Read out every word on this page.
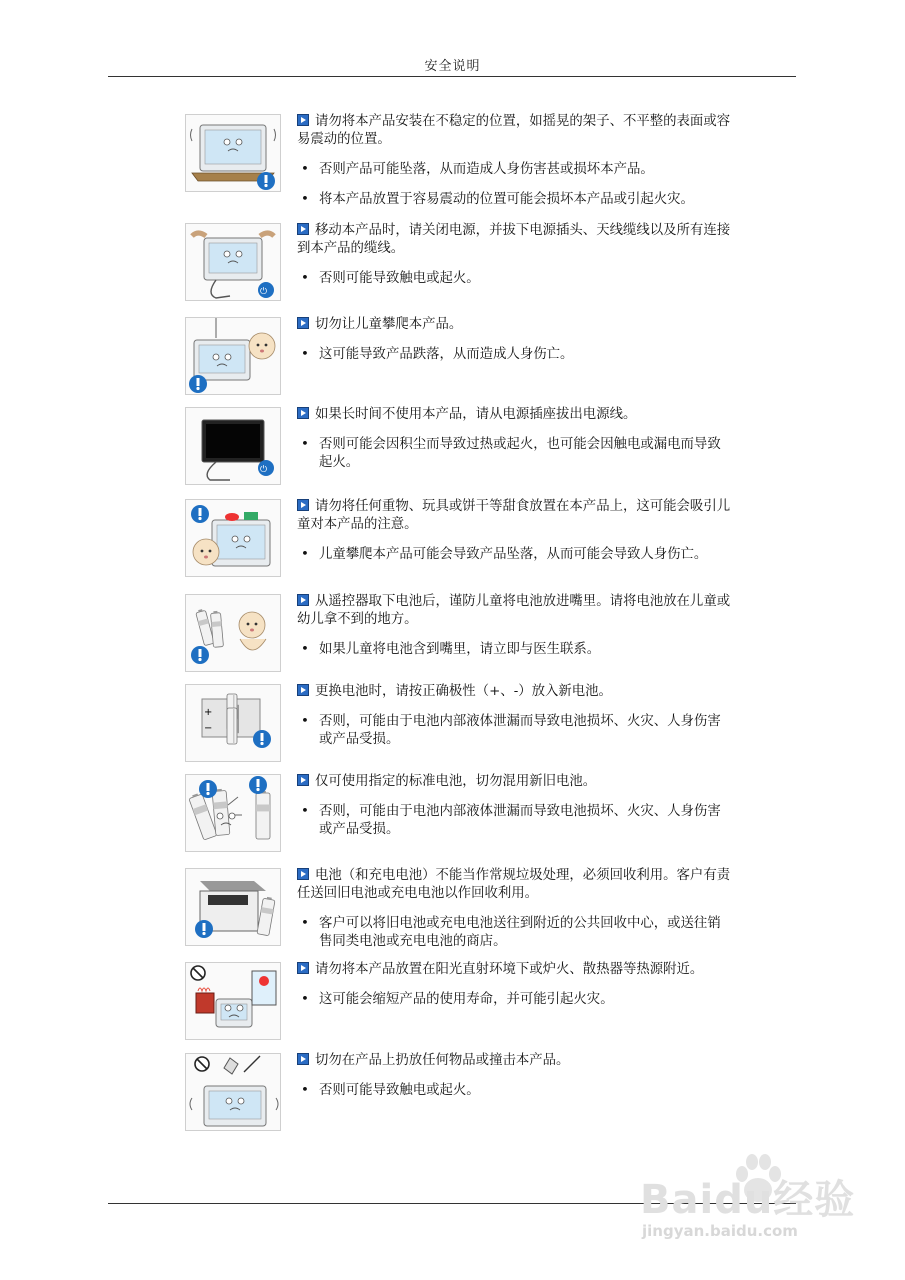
安全说明
请勿将本产品安装在不稳定的位置，如摇晃的架子、不平整的表面或容易震动的位置。
• 否则产品可能坠落，从而造成人身伤害甚或损坏本产品。
• 将本产品放置于容易震动的位置可能会损坏本产品或引起火灾。
⏻
移动本产品时，请关闭电源，并拔下电源插头、天线缆线以及所有连接到本产品的缆线。
• 否则可能导致触电或起火。
切勿让儿童攀爬本产品。
• 这可能导致产品跌落，从而造成人身伤亡。
⏻
如果长时间不使用本产品，请从电源插座拔出电源线。
• 否则可能会因积尘而导致过热或起火，也可能会因触电或漏电而导致起火。
请勿将任何重物、玩具或饼干等甜食放置在本产品上，这可能会吸引儿童对本产品的注意。
• 儿童攀爬本产品可能会导致产品坠落，从而可能会导致人身伤亡。
从遥控器取下电池后，谨防儿童将电池放进嘴里。请将电池放在儿童或幼儿拿不到的地方。
• 如果儿童将电池含到嘴里，请立即与医生联系。
+
−
更换电池时，请按正确极性（+、-）放入新电池。
• 否则，可能由于电池内部液体泄漏而导致电池损坏、火灾、人身伤害或产品受损。
仅可使用指定的标准电池，切勿混用新旧电池。
• 否则，可能由于电池内部液体泄漏而导致电池损坏、火灾、人身伤害或产品受损。
电池（和充电电池）不能当作常规垃圾处理，必须回收利用。客户有责任送回旧电池或充电电池以作回收利用。
• 客户可以将旧电池或充电电池送往到附近的公共回收中心，或送往销售同类电池或充电电池的商店。
请勿将本产品放置在阳光直射环境下或炉火、散热器等热源附近。
• 这可能会缩短产品的使用寿命，并可能引起火灾。
切勿在产品上扔放任何物品或撞击本产品。
• 否则可能导致触电或起火。
Baidu经验
jingyan.baidu.com
